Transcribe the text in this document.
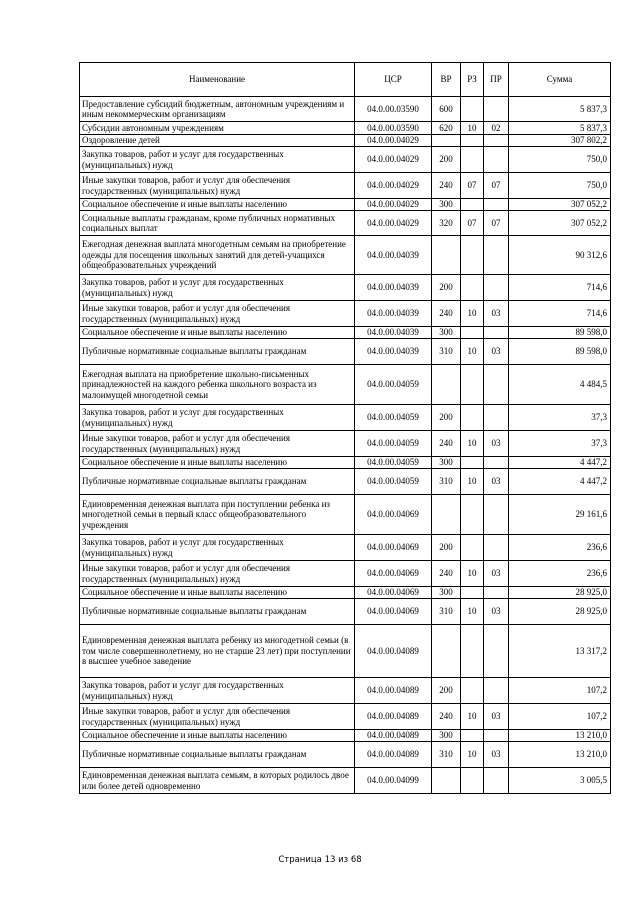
Наименование	ЦСР	ВР	РЗ	ПР	Сумма
Предоставление субсидий бюджетным, автономным учреждениям и иным некоммерческим организациям	04.0.00.03590	600			5 837,3
Субсидии автономным учреждениям	04.0.00.03590	620	10	02	5 837,3
Оздоровление детей	04.0.00.04029				307 802,2
Закупка товаров, работ и услуг для государственных (муниципальных) нужд	04.0.00.04029	200			750,0
Иные закупки товаров, работ и услуг для обеспечения государственных (муниципальных) нужд	04.0.00.04029	240	07	07	750,0
Социальное обеспечение и иные выплаты населению	04.0.00.04029	300			307 052,2
Социальные выплаты гражданам, кроме публичных нормативных социальных выплат	04.0.00.04029	320	07	07	307 052,2
Ежегодная денежная выплата многодетным семьям на приобретение одежды для посещения школьных занятий для детей-учащихся общеобразовательных учреждений	04.0.00.04039				90 312,6
Закупка товаров, работ и услуг для государственных (муниципальных) нужд	04.0.00.04039	200			714,6
Иные закупки товаров, работ и услуг для обеспечения государственных (муниципальных) нужд	04.0.00.04039	240	10	03	714,6
Социальное обеспечение и иные выплаты населению	04.0.00.04039	300			89 598,0
Публичные нормативные социальные выплаты гражданам	04.0.00.04039	310	10	03	89 598,0
Ежегодная выплата на приобретение школьно-письменных принадлежностей на каждого ребенка школьного возраста из малоимущей многодетной семьи	04.0.00.04059				4 484,5
Закупка товаров, работ и услуг для государственных (муниципальных) нужд	04.0.00.04059	200			37,3
Иные закупки товаров, работ и услуг для обеспечения государственных (муниципальных) нужд	04.0.00.04059	240	10	03	37,3
Социальное обеспечение и иные выплаты населению	04.0.00.04059	300			4 447,2
Публичные нормативные социальные выплаты гражданам	04.0.00.04059	310	10	03	4 447,2
Единовременная денежная выплата при поступлении ребенка из многодетной семьи в первый класс общеобразовательного учреждения	04.0.00.04069				29 161,6
Закупка товаров, работ и услуг для государственных (муниципальных) нужд	04.0.00.04069	200			236,6
Иные закупки товаров, работ и услуг для обеспечения государственных (муниципальных) нужд	04.0.00.04069	240	10	03	236,6
Социальное обеспечение и иные выплаты населению	04.0.00.04069	300			28 925,0
Публичные нормативные социальные выплаты гражданам	04.0.00.04069	310	10	03	28 925,0
Единовременная денежная выплата ребенку из многодетной семьи (в том числе совершеннолетнему, но не старше 23 лет) при поступлении в высшее учебное заведение	04.0.00.04089				13 317,2
Закупка товаров, работ и услуг для государственных (муниципальных) нужд	04.0.00.04089	200			107,2
Иные закупки товаров, работ и услуг для обеспечения государственных (муниципальных) нужд	04.0.00.04089	240	10	03	107,2
Социальное обеспечение и иные выплаты населению	04.0.00.04089	300			13 210,0
Публичные нормативные социальные выплаты гражданам	04.0.00.04089	310	10	03	13 210,0
Единовременная денежная выплата семьям, в которых родилось двое или более детей одновременно	04.0.00.04099				3 005,5
Страница 13 из 68
